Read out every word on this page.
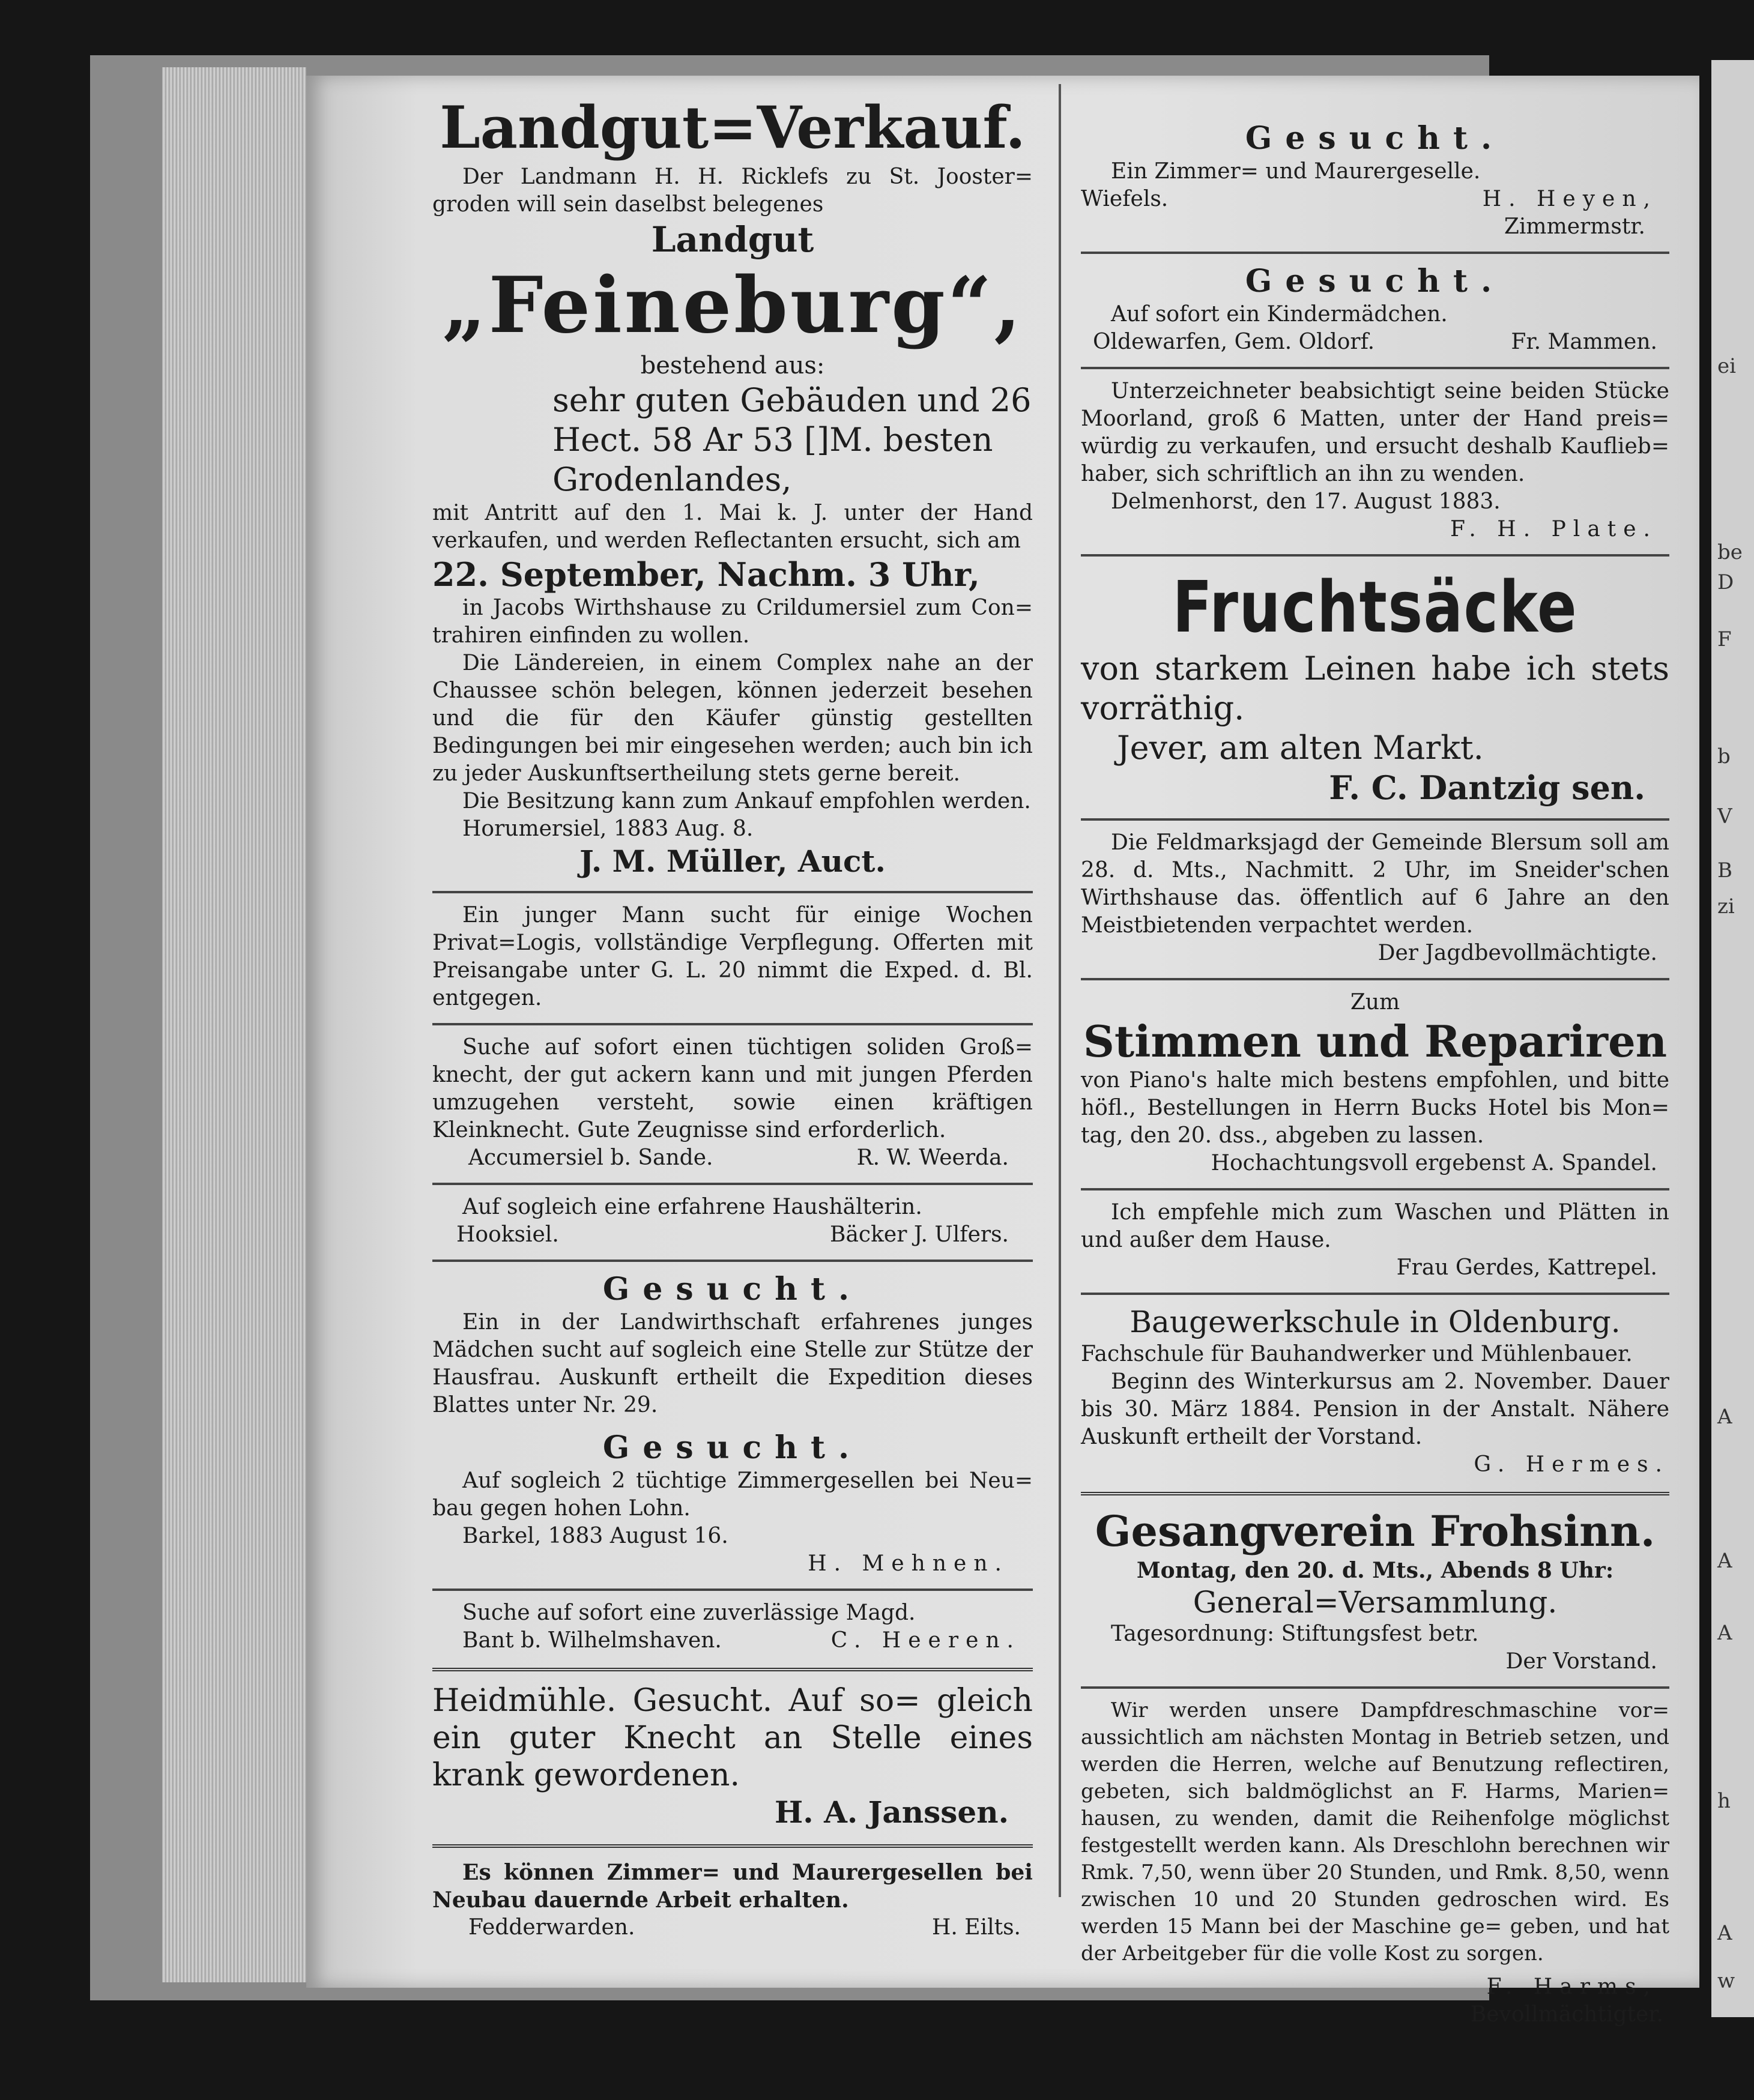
ei
be
D
F
b
V
B
zi
A
A
A
h
A
w
Landgut=Verkauf.
Der Landmann H. H. Ricklefs zu St. Jooster= groden will sein daselbst belegenes
Landgut
„Feineburg“,
bestehend aus:
sehr guten Gebäuden und 26 Hect. 58 Ar 53 []M. besten Grodenlandes,
mit Antritt auf den 1. Mai k. J. unter der Hand verkaufen, und werden Reflectanten ersucht, sich am
22. September, Nachm. 3 Uhr,
in Jacobs Wirthshause zu Crildumersiel zum Con= trahiren einfinden zu wollen.
Die Ländereien, in einem Complex nahe an der Chaussee schön belegen, können jederzeit besehen und die für den Käufer günstig gestellten Bedingungen bei mir eingesehen werden; auch bin ich zu jeder Auskunftsertheilung stets gerne bereit.
Die Besitzung kann zum Ankauf empfohlen werden.
Horumersiel, 1883 Aug. 8.
J. M. Müller, Auct.
Ein junger Mann sucht für einige Wochen Privat=Logis, vollständige Verpflegung. Offerten mit Preisangabe unter G. L. 20 nimmt die Exped. d. Bl. entgegen.
Suche auf sofort einen tüchtigen soliden Groß= knecht, der gut ackern kann und mit jungen Pferden umzugehen versteht, sowie einen kräftigen Kleinknecht. Gute Zeugnisse sind erforderlich.
Accumersiel b. Sande.	R. W. Weerda.
Auf sogleich eine erfahrene Haushälterin.
Hooksiel.	Bäcker J. Ulfers.
Gesucht.
Ein in der Landwirthschaft erfahrenes junges Mädchen sucht auf sogleich eine Stelle zur Stütze der Hausfrau. Auskunft ertheilt die Expedition dieses Blattes unter Nr. 29.
Gesucht.
Auf sogleich 2 tüchtige Zimmergesellen bei Neu= bau gegen hohen Lohn.
Barkel, 1883 August 16.
H. Mehnen.
Suche auf sofort eine zuverlässige Magd.
Bant b. Wilhelmshaven.	C. Heeren.
Heidmühle. Gesucht. Auf so= gleich ein guter Knecht an Stelle eines krank gewordenen.
H. A. Janssen.
Es können Zimmer= und Maurergesellen bei Neubau dauernde Arbeit erhalten.
Fedderwarden.	H. Eilts.
Gesucht.
Ein Zimmer= und Maurergeselle.
Wiefels.	H. Heyen,
Zimmermstr.
Gesucht.
Auf sofort ein Kindermädchen.
Oldewarfen, Gem. Oldorf.	Fr. Mammen.
Unterzeichneter beabsichtigt seine beiden Stücke Moorland, groß 6 Matten, unter der Hand preis= würdig zu verkaufen, und ersucht deshalb Kauflieb= haber, sich schriftlich an ihn zu wenden.
Delmenhorst, den 17. August 1883.
F. H. Plate.
Fruchtsäcke
von starkem Leinen habe ich stets vorräthig.
Jever, am alten Markt.
F. C. Dantzig sen.
Die Feldmarksjagd der Gemeinde Blersum soll am 28. d. Mts., Nachmitt. 2 Uhr, im Sneider'schen Wirthshause das. öffentlich auf 6 Jahre an den Meistbietenden verpachtet werden.
Der Jagdbevollmächtigte.
Zum
Stimmen und Repariren
von Piano's halte mich bestens empfohlen, und bitte höfl., Bestellungen in Herrn Bucks Hotel bis Mon= tag, den 20. dss., abgeben zu lassen.
Hochachtungsvoll ergebenst A. Spandel.
Ich empfehle mich zum Waschen und Plätten in und außer dem Hause.
Frau Gerdes, Kattrepel.
Baugewerkschule in Oldenburg.
Fachschule für Bauhandwerker und Mühlenbauer.
Beginn des Winterkursus am 2. November. Dauer bis 30. März 1884. Pension in der Anstalt. Nähere Auskunft ertheilt der Vorstand.
G. Hermes.
Gesangverein Frohsinn.
Montag, den 20. d. Mts., Abends 8 Uhr:
General=Versammlung.
Tagesordnung: Stiftungsfest betr.
Der Vorstand.
Wir werden unsere Dampfdreschmaschine vor= aussichtlich am nächsten Montag in Betrieb setzen, und werden die Herren, welche auf Benutzung reflectiren, gebeten, sich baldmöglichst an F. Harms, Marien= hausen, zu wenden, damit die Reihenfolge möglichst festgestellt werden kann. Als Dreschlohn berechnen wir Rmk. 7,50, wenn über 20 Stunden, und Rmk. 8,50, wenn zwischen 10 und 20 Stunden gedroschen wird. Es werden 15 Mann bei der Maschine ge= geben, und hat der Arbeitgeber für die volle Kost zu sorgen.
F. Harms,
Bevollmächtigter.
